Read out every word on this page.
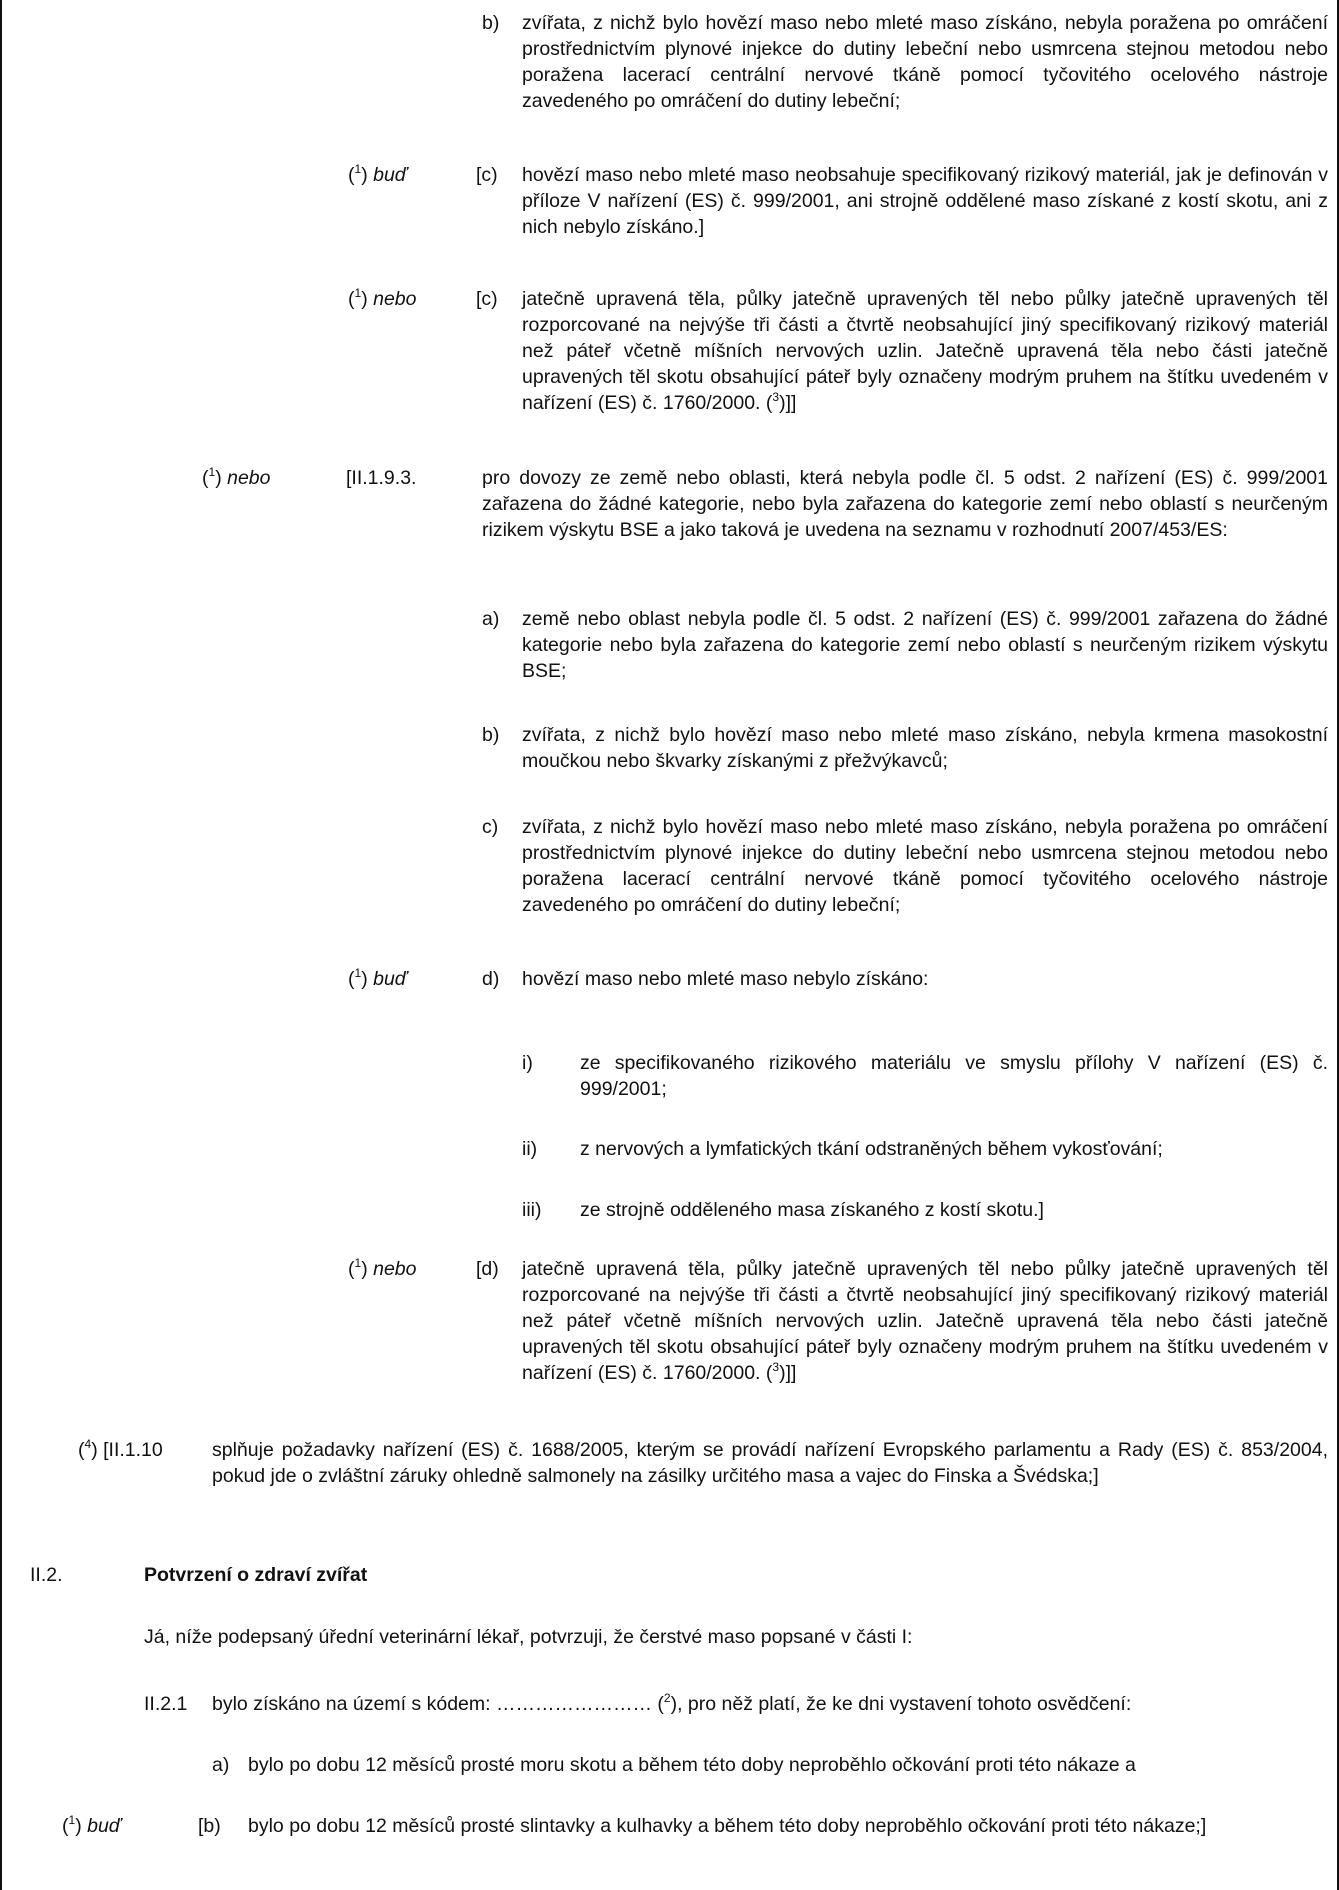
b) zvířata, z nichž bylo hovězí maso nebo mleté maso získáno, nebyla poražena po omráčení prostřednictvím plynové injekce do dutiny lebeční nebo usmrcena stejnou metodou nebo poražena lacerací centrální nervové tkáně pomocí tyčovitého ocelového nástroje zavedeného po omráčení do dutiny lebeční;
($^1$) buď	[c) hovězí maso nebo mleté maso neobsahuje specifikovaný rizikový materiál, jak je definován v příloze V nařízení (ES) č. 999/2001, ani strojně oddělené maso získané z kostí skotu, ani z nich nebylo získáno.]
($^1$) nebo	[c) jatečně upravená těla, půlky jatečně upravených těl nebo půlky jatečně upravených těl rozporcované na nejvýše tři části a čtvrtě neobsahující jiný specifikovaný rizikový materiál než páteř včetně míšních nervových uzlin. Jatečně upravená těla nebo části jatečně upravených těl skotu obsahující páteř byly označeny modrým pruhem na štítku uvedeném v nařízení (ES) č. 1760/2000. ($^3$)]]
($^1$) nebo	[II.1.9.3.	pro dovozy ze země nebo oblasti, která nebyla podle čl. 5 odst. 2 nařízení (ES) č. 999/2001 zařazena do žádné kategorie, nebo byla zařazena do kategorie zemí nebo oblastí s neurčeným rizikem výskytu BSE a jako taková je uvedena na seznamu v rozhodnutí 2007/453/ES:
a) země nebo oblast nebyla podle čl. 5 odst. 2 nařízení (ES) č. 999/2001 zařazena do žádné kategorie nebo byla zařazena do kategorie zemí nebo oblastí s neurčeným rizikem výskytu BSE;
b) zvířata, z nichž bylo hovězí maso nebo mleté maso získáno, nebyla krmena masokostní moučkou nebo škvarky získanými z přežvýkavců;
c) zvířata, z nichž bylo hovězí maso nebo mleté maso získáno, nebyla poražena po omráčení prostřednictvím plynové injekce do dutiny lebeční nebo usmrcena stejnou metodou nebo poražena lacerací centrální nervové tkáně pomocí tyčovitého ocelového nástroje zavedeného po omráčení do dutiny lebeční;
($^1$) buď	d) hovězí maso nebo mleté maso nebylo získáno:
i) ze specifikovaného rizikového materiálu ve smyslu přílohy V nařízení (ES) č. 999/2001;
ii) z nervových a lymfatických tkání odstraněných během vykosťování;
iii) ze strojně odděleného masa získaného z kostí skotu.]
($^1$) nebo	[d) jatečně upravená těla, půlky jatečně upravených těl nebo půlky jatečně upravených těl rozporcované na nejvýše tři části a čtvrtě neobsahující jiný specifikovaný rizikový materiál než páteř včetně míšních nervových uzlin. Jatečně upravená těla nebo části jatečně upravených těl skotu obsahující páteř byly označeny modrým pruhem na štítku uvedeném v nařízení (ES) č. 1760/2000. ($^3$)]]
($^4$) [II.1.10	splňuje požadavky nařízení (ES) č. 1688/2005, kterým se provádí nařízení Evropského parlamentu a Rady (ES) č. 853/2004, pokud jde o zvláštní záruky ohledně salmonely na zásilky určitého masa a vajec do Finska a Švédska;]
II.2.	Potvrzení o zdraví zvířat
Já, níže podepsaný úřední veterinární lékař, potvrzuji, že čerstvé maso popsané v části I:
II.2.1 bylo získáno na území s kódem: …………………… ($^2$), pro něž platí, že ke dni vystavení tohoto osvědčení:
a) bylo po dobu 12 měsíců prosté moru skotu a během této doby neproběhlo očkování proti této nákaze a
($^1$) buď	[b) bylo po dobu 12 měsíců prosté slintavky a kulhavky a během této doby neproběhlo očkování proti této nákaze;]
